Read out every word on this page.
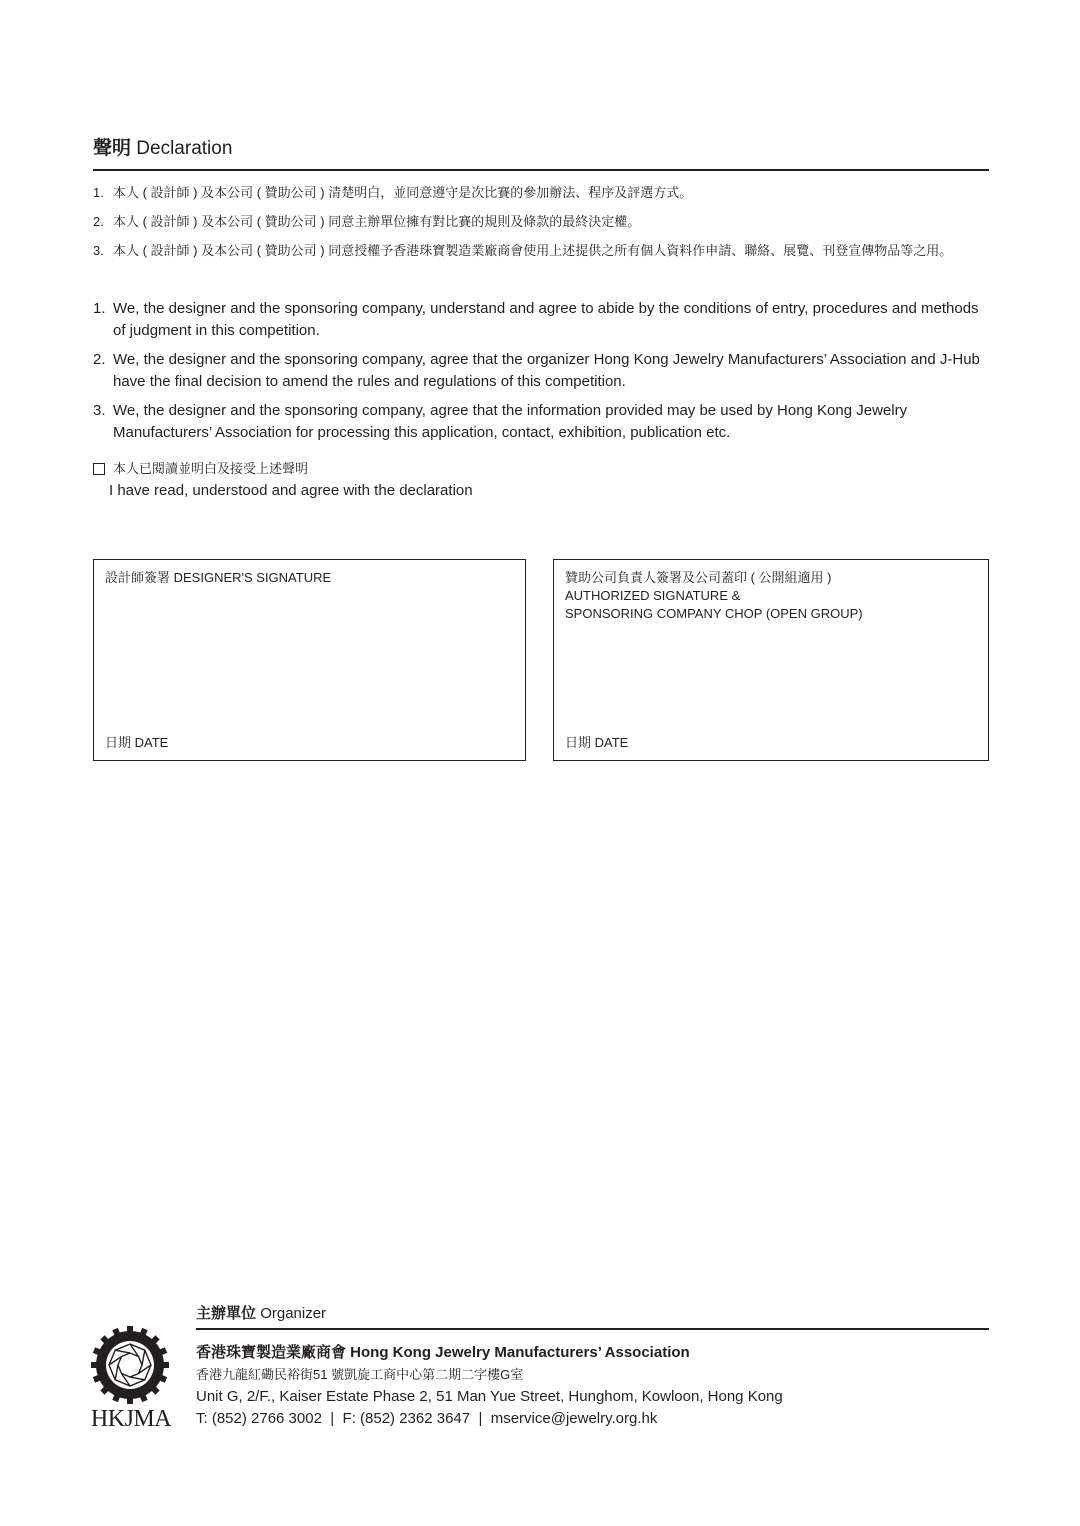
聲明 Declaration
1. 本人 ( 設計師 ) 及本公司 ( 贊助公司 ) 清楚明白，並同意遵守是次比賽的參加辦法、程序及評選方式。
2. 本人 ( 設計師 ) 及本公司 ( 贊助公司 ) 同意主辦單位擁有對比賽的規則及條款的最終決定權。
3. 本人 ( 設計師 ) 及本公司 ( 贊助公司 ) 同意授權予香港珠寶製造業廠商會使用上述提供之所有個人資料作申請、聯絡、展覽、刊登宣傳物品等之用。
1. We, the designer and the sponsoring company, understand and agree to abide by the conditions of entry, procedures and methods of judgment in this competition.
2. We, the designer and the sponsoring company, agree that the organizer Hong Kong Jewelry Manufacturers’ Association and J-Hub have the final decision to amend the rules and regulations of this competition.
3. We, the designer and the sponsoring company, agree that the information provided may be used by Hong Kong Jewelry Manufacturers’ Association for processing this application, contact, exhibition, publication etc.
本人已閱讀並明白及接受上述聲明
I have read, understood and agree with the declaration
設計師簽署 DESIGNER'S SIGNATURE
日期 DATE
贊助公司負責人簽署及公司蓋印 ( 公開組適用 )
AUTHORIZED SIGNATURE &
SPONSORING COMPANY CHOP (OPEN GROUP)
日期 DATE
主辦單位 Organizer
HKJMA
香港珠寶製造業廠商會 Hong Kong Jewelry Manufacturers’ Association
香港九龍紅磡民裕街51 號凱旋工商中心第二期二字樓G室
Unit G, 2/F., Kaiser Estate Phase 2, 51 Man Yue Street, Hunghom, Kowloon, Hong Kong
T: (852) 2766 3002 | F: (852) 2362 3647 | mservice@jewelry.org.hk
